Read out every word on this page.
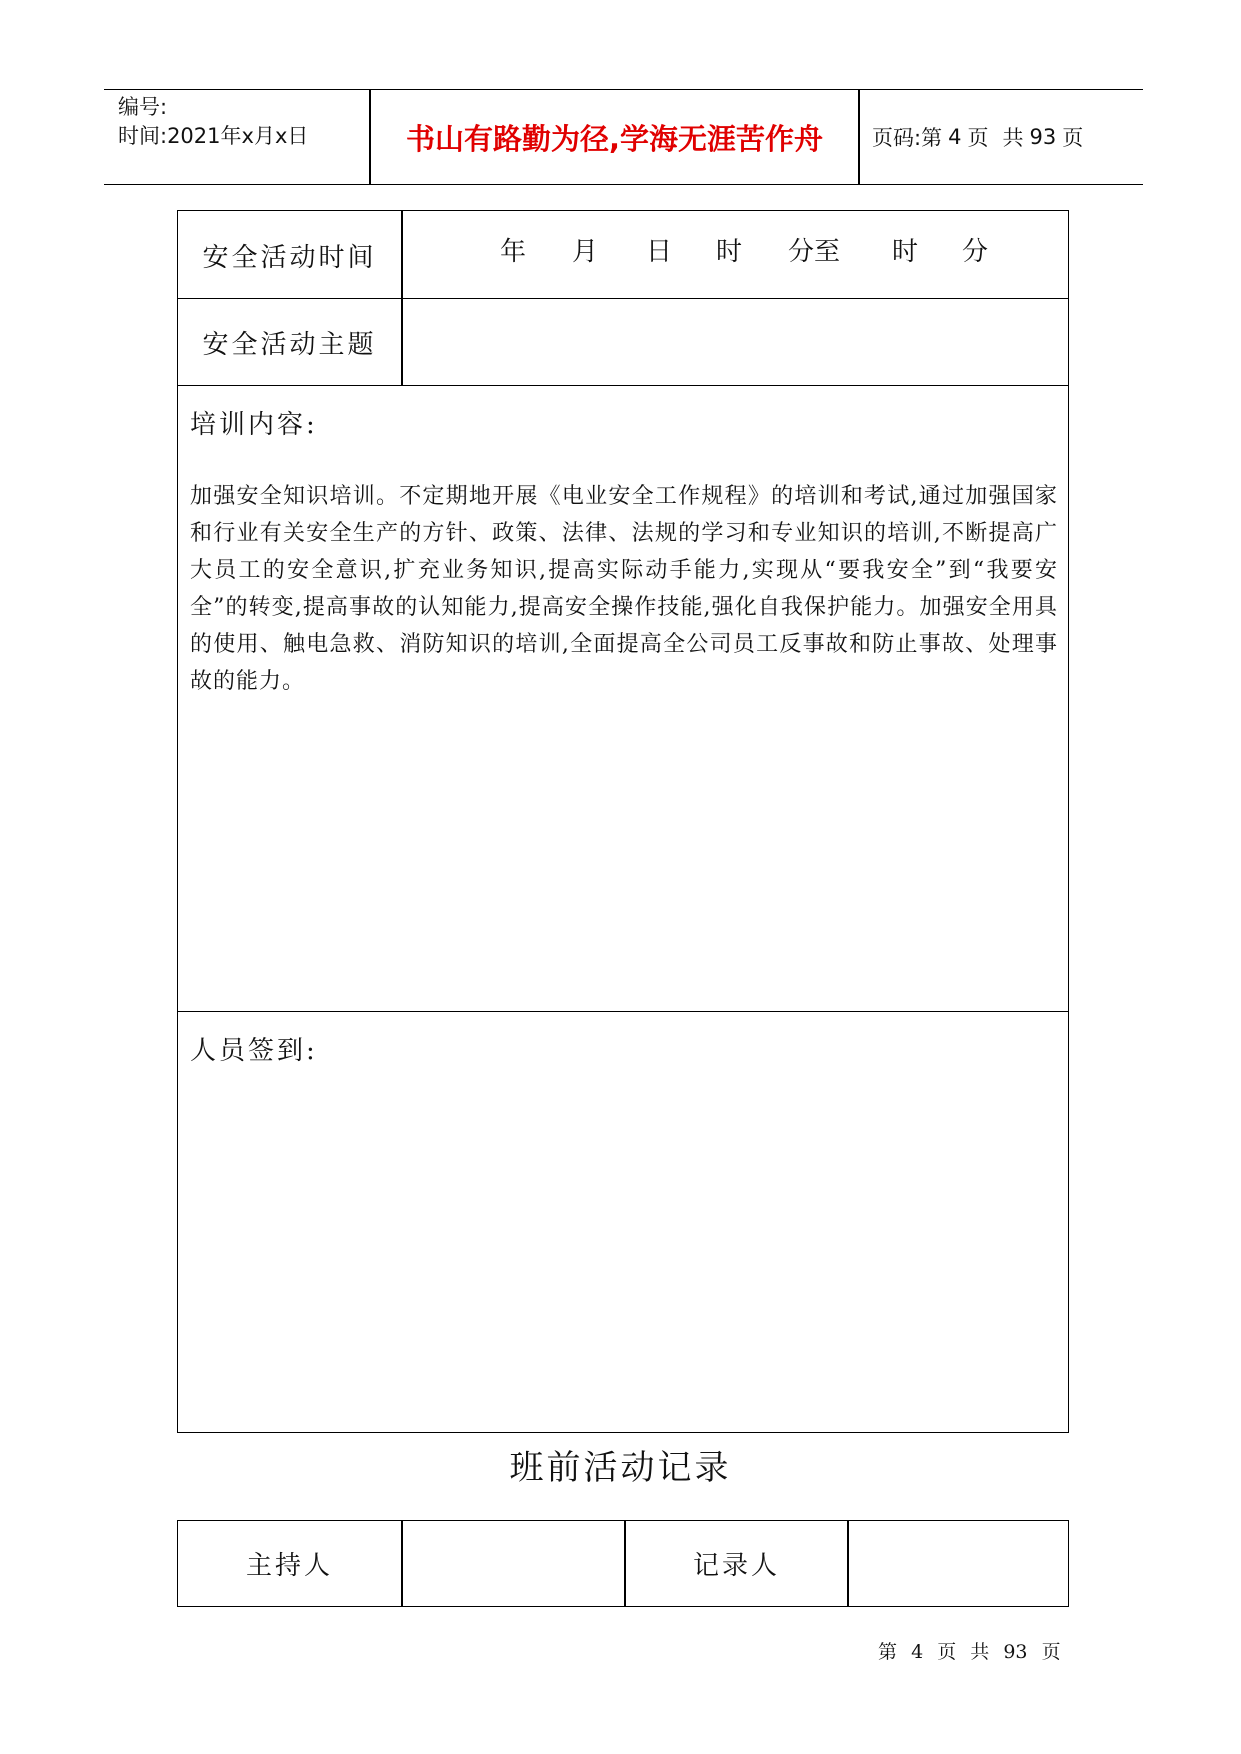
编号:
时间:2021年x月x日	书山有路勤为径,学海无涯苦作舟	页码:第 4 页 共 93 页
安全活动时间	年 月 日 时 分至 时 分
安全活动主题
培训内容:
加强安全知识培训。不定期地开展《电业安全工作规程》的培训和考试,通过加强国家和行业有关安全生产的方针、政策、法律、法规的学习和专业知识的培训,不断提高广大员工的安全意识,扩充业务知识,提高实际动手能力,实现从“要我安全”到“我要安全”的转变,提高事故的认知能力,提高安全操作技能,强化自我保护能力。加强安全用具的使用、触电急救、消防知识的培训,全面提高全公司员工反事故和防止事故、处理事故的能力。
人员签到:
班前活动记录
主持人	记录人
第 4 页 共 93 页
